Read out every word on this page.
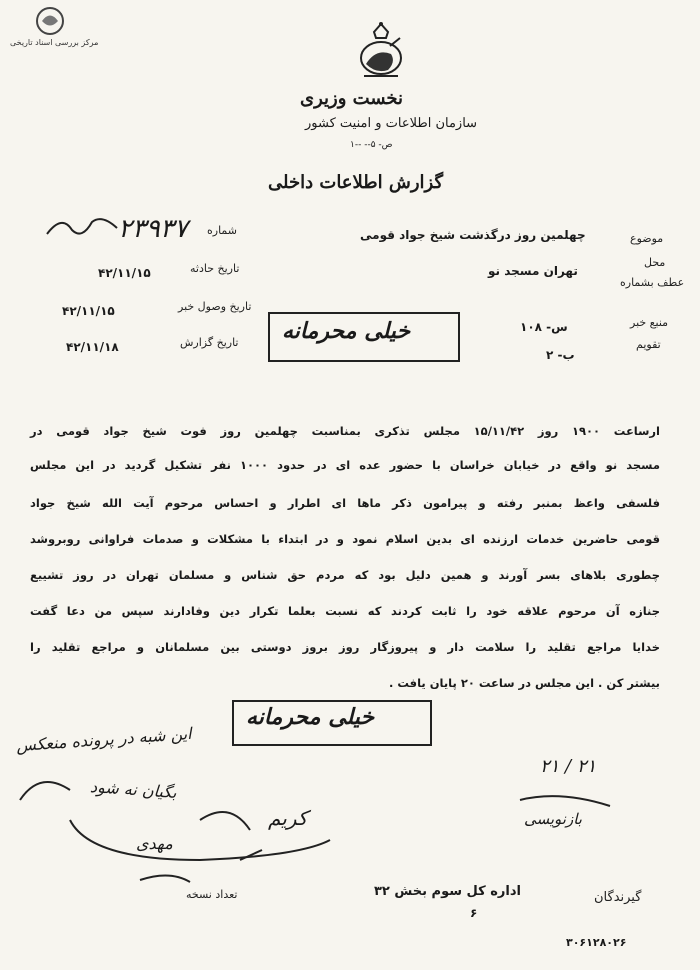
مرکز بررسی اسناد تاریخی
نخست وزیری
سازمان اطلاعات و امنیت کشور
ص- ۵-- --۱
گزارش اطلاعات داخلی
شماره
۲۳۹۳۷
تاریخ حادثه
۴۲/۱۱/۱۵
تاریخ وصول خبر
۴۲/۱۱/۱۵
تاریخ گزارش
۴۲/۱۱/۱۸
موضوع
چهلمین روز درگذشت شیخ جواد قومی
محل
تهران مسجد نو
عطف بشماره
منبع خبر
س- ۱۰۸
تقویم
ب- ۲
خیلی محرمانه
ارساعت ۱۹۰۰ روز ۱۵/۱۱/۴۲ مجلس تذکری بمناسبت چهلمین روز فوت شیخ جواد قومی در
مسجد نو واقع در خیابان خراسان با حضور عده ای در حدود ۱۰۰۰ نفر تشکیل گردید در این مجلس
فلسفی واعظ بمنبر رفته و پیرامون ذکر ما‌ها ای اطرار و احساس مرحوم آیت الله شیخ جواد
قومی حاضرین خدمات ارزنده ای بدین اسلام نمود و در ابتداء با مشکلات و صدمات فراوانی روبروشد
چطوری بلاهای بسر آورند و همین دلیل بود که مردم حق شناس و مسلمان تهران در روز تشییع
جنازه آن مرحوم علاقه خود را ثابت کردند که نسبت بعلما تکرار دین وفادارند سپس من دعا گفت
خدایا مراجع تقلید را سلامت دار و پیروزگار روز بروز دوستی بین مسلمانان و مراجع تقلید را
بیشتر کن . این مجلس در ساعت ۲۰ پایان یافت .
خیلی محرمانه
این شبه در پرونده منعکس
بگیان نه شود
کریم
مهدی
۲۱ / ۲۱
بازنویسی
گیرندگان
اداره کل سوم بخش ۳۲
۶
تعداد نسخه
۳۰۶۱۲۸۰۲۶
